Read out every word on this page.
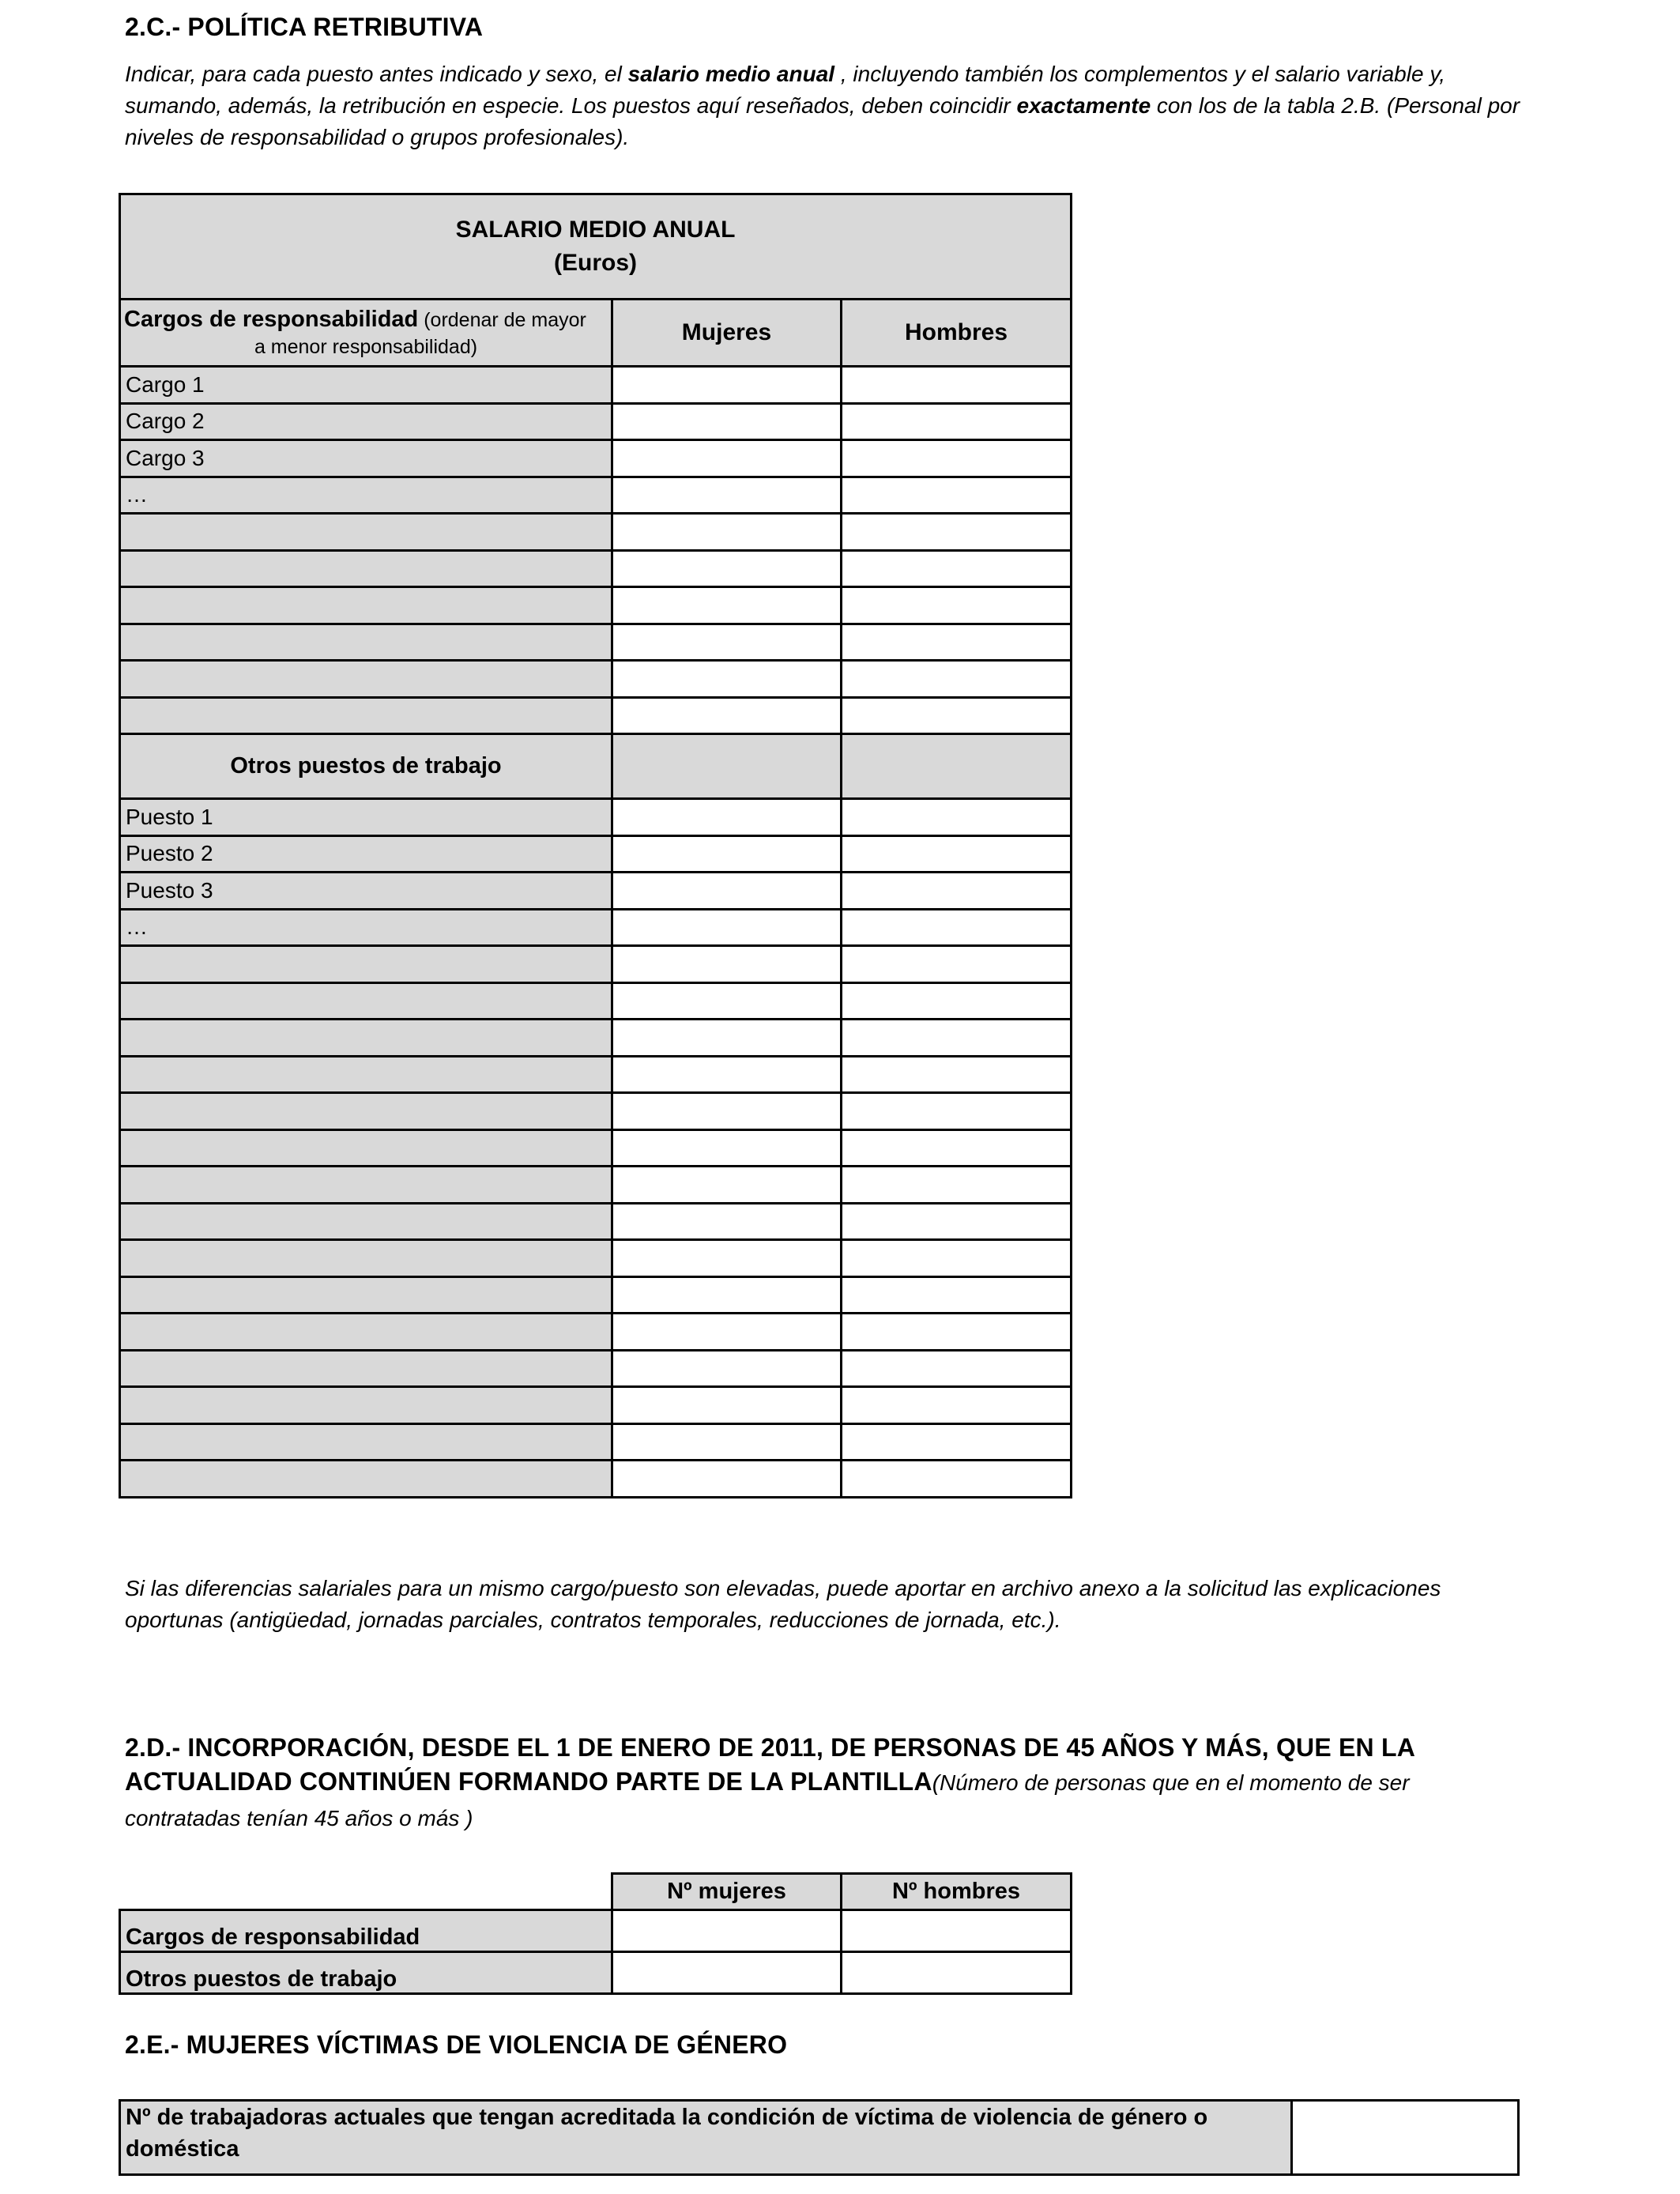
2.C.- POLÍTICA RETRIBUTIVA
Indicar, para cada puesto antes indicado y sexo, el salario medio anual , incluyendo también los complementos y el salario variable y, sumando, además, la retribución en especie. Los puestos aquí reseñados, deben coincidir exactamente con los de la tabla 2.B. (Personal por niveles de responsabilidad o grupos profesionales).
SALARIO MEDIO ANUAL
(Euros)		

Cargos de responsabilidad (ordenar de mayor
a menor responsabilidad)	Mujeres	Hombres
Cargo 1		
Cargo 2		
Cargo 3		
…		

Otros puestos de trabajo		
Puesto 1		
Puesto 2		
Puesto 3		
…		

Si las diferencias salariales para un mismo cargo/puesto son elevadas, puede aportar en archivo anexo a la solicitud las explicaciones oportunas (antigüedad, jornadas parciales, contratos temporales, reducciones de jornada, etc.).
2.D.- INCORPORACIÓN, DESDE EL 1 DE ENERO DE 2011, DE PERSONAS DE 45 AÑOS Y MÁS, QUE EN LA
ACTUALIDAD CONTINÚEN FORMANDO PARTE DE LA PLANTILLA(Número de personas que en el momento de ser
contratadas tenían 45 años o más )
	Nº mujeres	Nº hombres
Cargos de responsabilidad		
Otros puestos de trabajo		
2.E.- MUJERES VÍCTIMAS DE VIOLENCIA DE GÉNERO
Nº de trabajadoras actuales que tengan acreditada la condición de víctima de violencia de género o
doméstica
